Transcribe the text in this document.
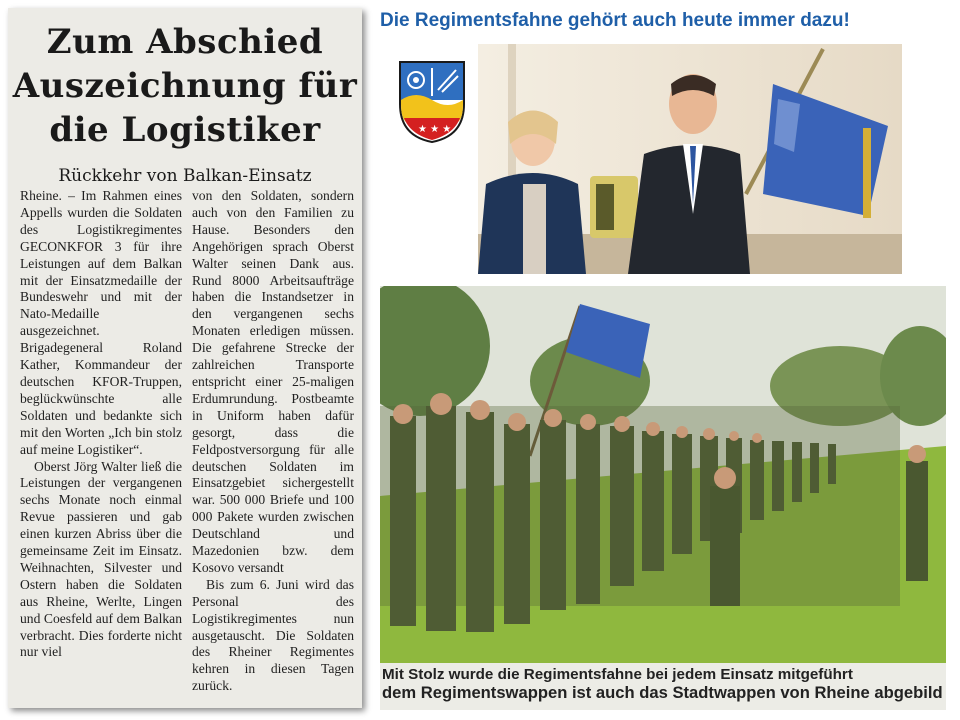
Zum Abschied
Auszeichnung für
die Logistiker
Rückkehr von Balkan-Einsatz

Rheine. – Im Rahmen eines Appells wurden die Soldaten des Logistikregimentes GECONKFOR 3 für ihre Leistungen auf dem Balkan mit der Einsatzmedaille der Bundeswehr und mit der Nato-Medaille ausgezeichnet. Brigadegeneral Roland Kather, Kommandeur der deutschen KFOR-Truppen, beglückwünschte alle Soldaten und bedankte sich mit den Worten „Ich bin stolz auf meine Logistiker“.

Oberst Jörg Walter ließ die Leistungen der vergangenen sechs Monate noch einmal Revue passieren und gab einen kurzen Abriss über die gemeinsame Zeit im Einsatz. Weihnachten, Silvester und Ostern haben die Soldaten aus Rheine, Werlte, Lingen und Coesfeld auf dem Balkan verbracht. Dies forderte nicht nur viel

von den Soldaten, sondern auch von den Familien zu Hause. Besonders den Angehörigen sprach Oberst Walter seinen Dank aus. Rund 8000 Arbeitsaufträge haben die Instandsetzer in den vergangenen sechs Monaten erledigen müssen. Die gefahrene Strecke der zahlreichen Transporte entspricht einer 25-maligen Erdumrundung. Postbeamte in Uniform haben dafür gesorgt, dass die Feldpostversorgung für alle deutschen Soldaten im Einsatzgebiet sichergestellt war. 500 000 Briefe und 100 000 Pakete wurden zwischen Deutschland und Mazedonien bzw. dem Kosovo versandt

Bis zum 6. Juni wird das Personal des Logistikregimentes nun ausgetauscht. Die Soldaten des Rheiner Regimentes kehren in diesen Tagen zurück.

Die Regimentsfahne gehört auch heute immer dazu!
★ ★ ★
Mit Stolz wurde die Regimentsfahne bei jedem Einsatz mitgeführt
dem Regimentswappen ist auch das Stadtwappen von Rheine abgebild
